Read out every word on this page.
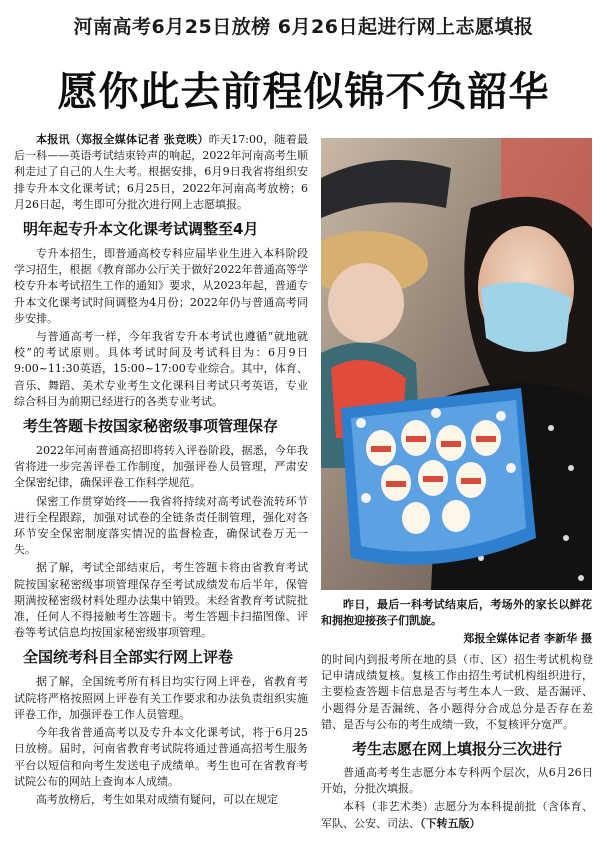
河南高考6月25日放榜 6月26日起进行网上志愿填报
愿你此去前程似锦不负韶华

本报讯（郑报全媒体记者 张竞昳）昨天17:00，随着最后一科——英语考试结束铃声的响起，2022年河南高考生顺利走过了自己的人生大考。根据安排，6月9日我省将组织安排专升本文化课考试；6月25日，2022年河南高考放榜；6月26日起，考生即可分批次进行网上志愿填报。

明年起专升本文化课考试调整至4月

专升本招生，即普通高校专科应届毕业生进入本科阶段学习招生，根据《教育部办公厅关于做好2022年普通高等学校专升本考试招生工作的通知》要求，从2023年起，普通专升本文化课考试时间调整为4月份；2022年仍与普通高考同步安排。

与普通高考一样，今年我省专升本考试也遵循“就地就校”的考试原则。具体考试时间及考试科目为：6月9日9:00~11:30英语，15:00~17:00专业综合。其中，体育、音乐、舞蹈、美术专业考生文化课科目考试只考英语，专业综合科目为前期已经进行的各类专业考试。

考生答题卡按国家秘密级事项管理保存

2022年河南普通高招即将转入评卷阶段，据悉，今年我省将进一步完善评卷工作制度，加强评卷人员管理，严肃安全保密纪律，确保评卷工作科学规范。

保密工作贯穿始终——我省将持续对高考试卷流转环节进行全程跟踪，加强对试卷的全链条责任制管理，强化对各环节安全保密制度落实情况的监督检查，确保试卷万无一失。

据了解，考试全部结束后，考生答题卡将由省教育考试院按国家秘密级事项管理保存至考试成绩发布后半年，保管期满按秘密级材料处理办法集中销毁。未经省教育考试院批准，任何人不得接触考生答题卡。考生答题卡扫描图像、评卷等考试信息均按国家秘密级事项管理。

全国统考科目全部实行网上评卷

据了解，全国统考所有科目均实行网上评卷，省教育考试院将严格按照网上评卷有关工作要求和办法负责组织实施评卷工作，加强评卷工作人员管理。

今年我省普通高考以及专升本文化课考试，将于6月25日放榜。届时，河南省教育考试院将通过普通高招考生服务平台以短信和向考生发送电子成绩单。考生也可在省教育考试院公布的网站上查询本人成绩。

高考放榜后，考生如果对成绩有疑问，可以在规定

昨日，最后一科考试结束后，考场外的家长以鲜花和拥抱迎接孩子们凯旋。
郑报全媒体记者 李新华 摄

的时间内到报考所在地的县（市、区）招生考试机构登记申请成绩复核。复核工作由招生考试机构组织进行，主要检查答题卡信息是否与考生本人一致、是否漏评、小题得分是否漏统、各小题得分合成总分是否存在差错、是否与公布的考生成绩一致，不复核评分宽严。

考生志愿在网上填报分三次进行

普通高考考生志愿分本专科两个层次，从6月26日开始，分批次填报。

本科（非艺术类）志愿分为本科提前批（含体育、军队、公安、司法、（下转五版）
